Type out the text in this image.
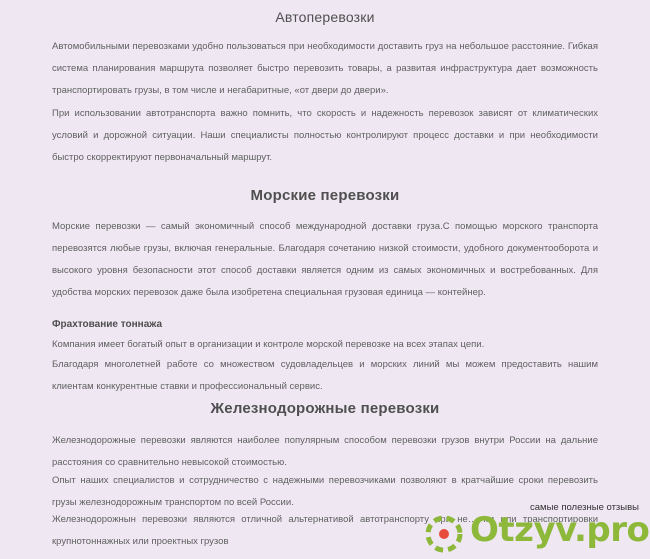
Автоперевозки

Автомобильными перевозками удобно пользоваться при необходимости доставить груз на небольшое расстояние. Гибкая система планирования маршрута позволяет быстро перевозить товары, а развитая инфраструктура дает возможность транспортировать грузы, в том числе и негабаритные, «от двери до двери».

При использовании автотранспорта важно помнить, что скорость и надежность перевозок зависят от климатических условий и дорожной ситуации. Наши специалисты полностью контролируют процесс доставки и при необходимости быстро скорректируют первоначальный маршрут.

Морские перевозки

Морские перевозки — самый экономичный способ международной доставки груза.С помощью морского транспорта перевозятся любые грузы, включая генеральные. Благодаря сочетанию низкой стоимости, удобного документооборота и высокого уровня безопасности этот способ доставки является одним из самых экономичных и востребованных. Для удобства морских перевозок даже была изобретена специальная грузовая единица — контейнер.

Фрахтование тоннажа

Компания имеет богатый опыт в организации и контроле морской перевозке на всех этапах цепи.

Благодаря многолетней работе со множеством судовладельцев и морских линий мы можем предоставить нашим клиентам конкурентные ставки и профессиональный сервис.

Железнодорожные перевозки

Железнодорожные перевозки являются наиболее популярным способом перевозки грузов внутри России на дальние расстояния со сравнительно невысокой стоимостью.

Опыт наших специалистов и сотрудничество с надежными перевозчиками позволяют в кратчайшие сроки перевозить грузы железнодорожным транспортом по всей России.

Железнодорожнын перевозки являются отличной альтернативой автотранспорту при не… км или транспортировки крупнотоннажных или проектных грузов

самые полезные отзывы
Otzyv.pro
